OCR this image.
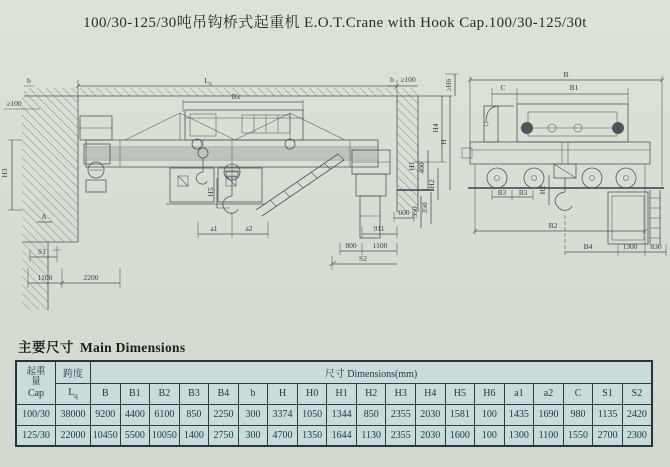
100/30-125/30吨吊钩桥式起重机 E.O.T.Crane with Hook Cap.100/30-125/30t
b
≥100
$L_q$
Bx
b ≥100	≥H6
H
H4
H1 400
H2
350 350
600
911
800 1100
S2
H3
H5
a1	a2
A
S1
1100	2200
B
C	B1
B3 B3 H2
B2
B4	1300 830
主要尺寸 Main Dimensions
起重量
Cap	跨度	尺寸 Dimensions(mm)																		
	$L_q$	B	B1	B2	B3	B4	b	H	H0	H1	H2	H3	H4	H5	H6	a1	a2	C	S1	S2
100/30	38000	9200	4400	6100	850	2250	300	3374	1050	1344	850	2355	2030	1581	100	1435	1690	980	1135	2420
125/30	22000	10450	5500	10050	1400	2750	300	4700	1350	1644	1130	2355	2030	1600	100	1300	1100	1550	2700	2300
